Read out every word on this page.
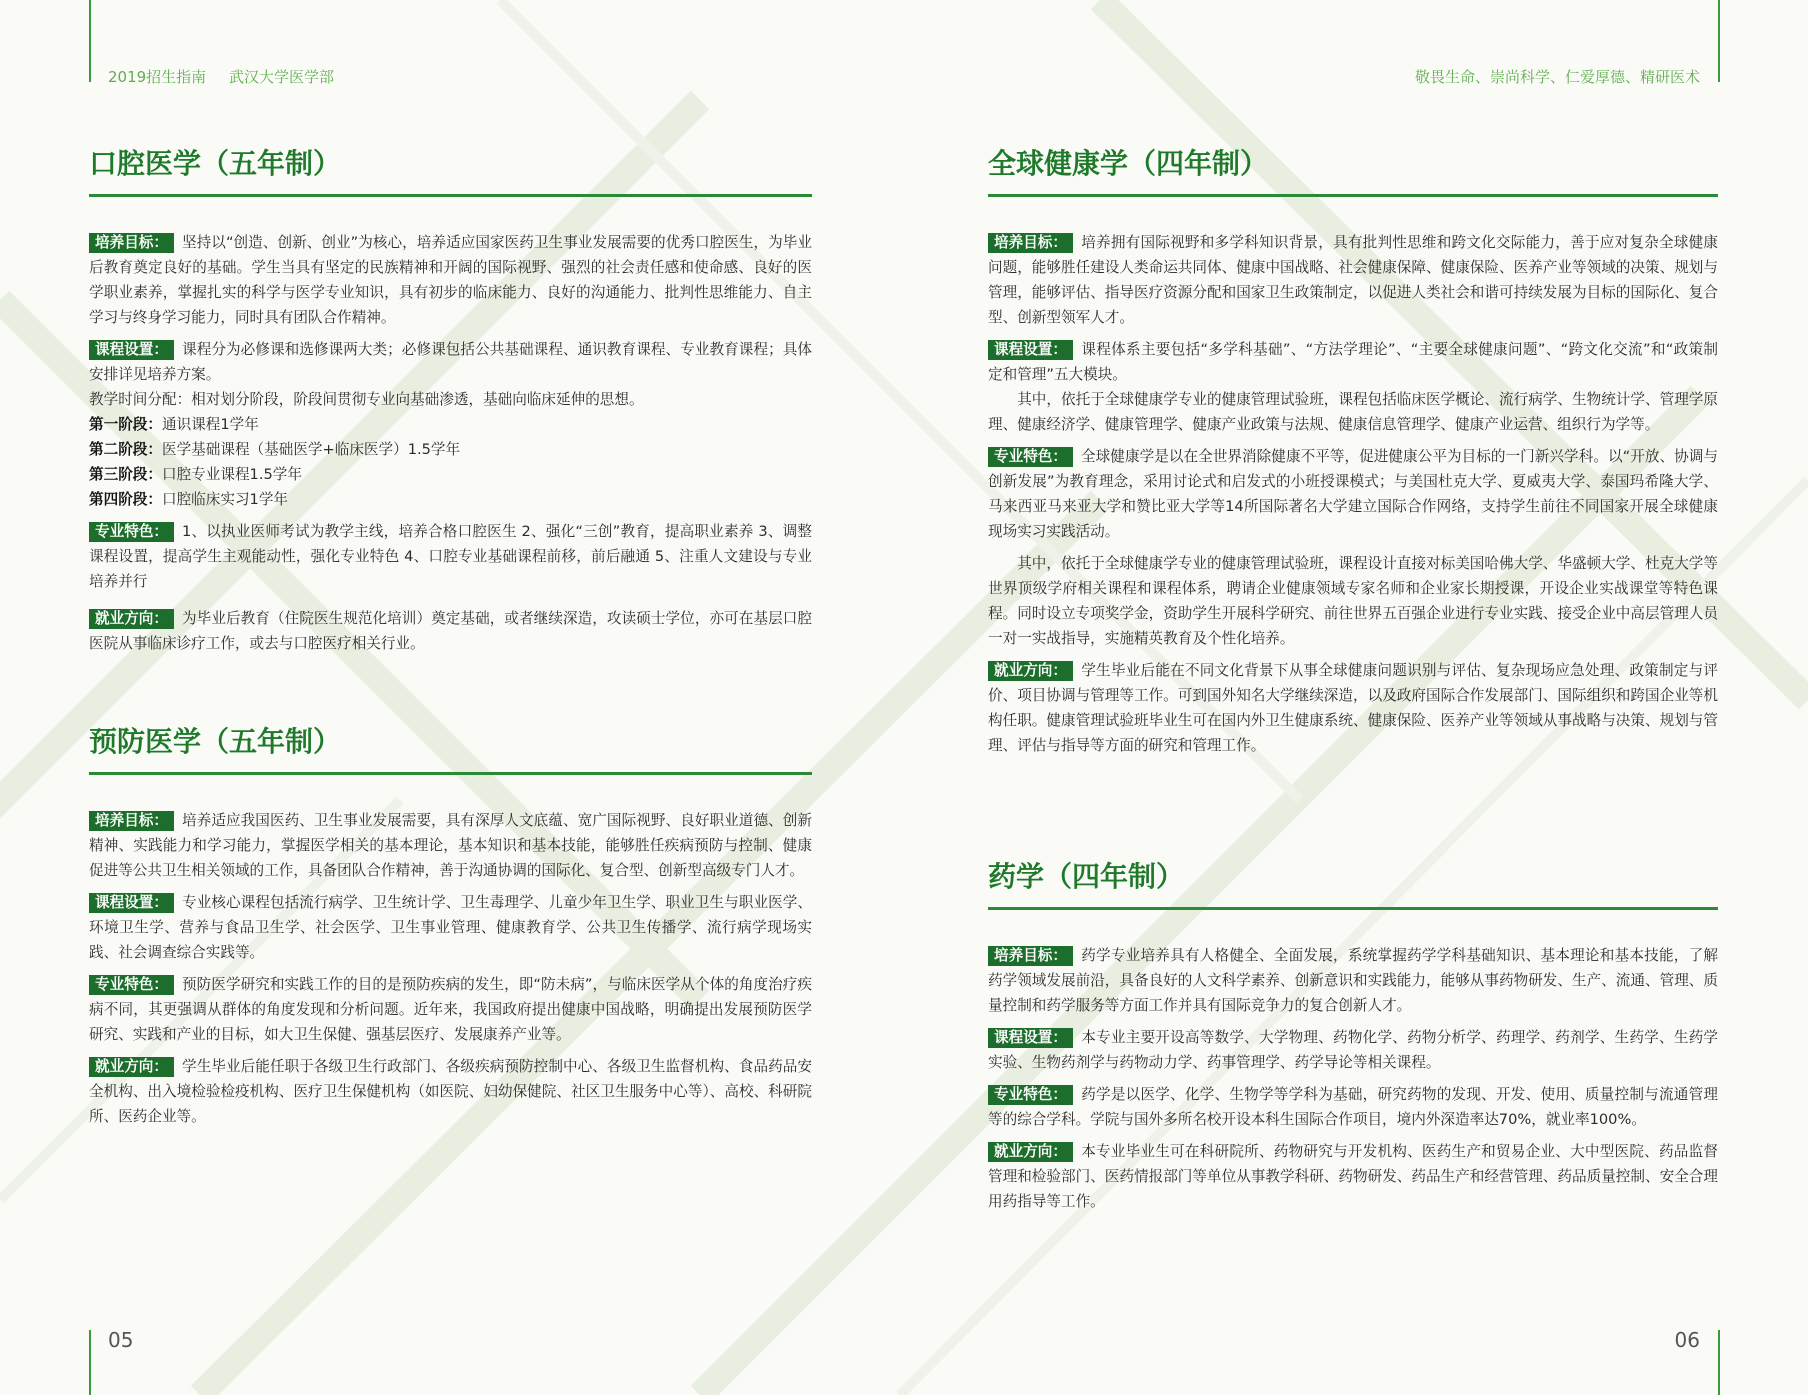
2019招生指南 武汉大学医学部	敬畏生命、崇尚科学、仁爱厚德、精研医术
05	06
口腔医学（五年制）

培养目标： 坚持以“创造、创新、创业”为核心，培养适应国家医药卫生事业发展需要的优秀口腔医生，为毕业后教育奠定良好的基础。学生当具有坚定的民族精神和开阔的国际视野、强烈的社会责任感和使命感、良好的医学职业素养，掌握扎实的科学与医学专业知识，具有初步的临床能力、良好的沟通能力、批判性思维能力、自主学习与终身学习能力，同时具有团队合作精神。

课程设置： 课程分为必修课和选修课两大类；必修课包括公共基础课程、通识教育课程、专业教育课程；具体安排详见培养方案。

教学时间分配：相对划分阶段，阶段间贯彻专业向基础渗透，基础向临床延伸的思想。

第一阶段：通识课程1学年

第二阶段：医学基础课程（基础医学+临床医学）1.5学年

第三阶段：口腔专业课程1.5学年

第四阶段：口腔临床实习1学年

专业特色： 1、以执业医师考试为教学主线，培养合格口腔医生 2、强化“三创”教育，提高职业素养 3、调整课程设置，提高学生主观能动性，强化专业特色 4、口腔专业基础课程前移，前后融通 5、注重人文建设与专业培养并行

就业方向： 为毕业后教育（住院医生规范化培训）奠定基础，或者继续深造，攻读硕士学位，亦可在基层口腔医院从事临床诊疗工作，或去与口腔医疗相关行业。

预防医学（五年制）

培养目标： 培养适应我国医药、卫生事业发展需要，具有深厚人文底蕴、宽广国际视野、良好职业道德、创新精神、实践能力和学习能力，掌握医学相关的基本理论，基本知识和基本技能，能够胜任疾病预防与控制、健康促进等公共卫生相关领域的工作，具备团队合作精神，善于沟通协调的国际化、复合型、创新型高级专门人才。

课程设置： 专业核心课程包括流行病学、卫生统计学、卫生毒理学、儿童少年卫生学、职业卫生与职业医学、环境卫生学、营养与食品卫生学、社会医学、卫生事业管理、健康教育学、公共卫生传播学、流行病学现场实践、社会调查综合实践等。

专业特色： 预防医学研究和实践工作的目的是预防疾病的发生，即“防未病”，与临床医学从个体的角度治疗疾病不同，其更强调从群体的角度发现和分析问题。近年来，我国政府提出健康中国战略，明确提出发展预防医学研究、实践和产业的目标，如大卫生保健、强基层医疗、发展康养产业等。

就业方向： 学生毕业后能任职于各级卫生行政部门、各级疾病预防控制中心、各级卫生监督机构、食品药品安全机构、出入境检验检疫机构、医疗卫生保健机构（如医院、妇幼保健院、社区卫生服务中心等）、高校、科研院所、医药企业等。

全球健康学（四年制）

培养目标： 培养拥有国际视野和多学科知识背景，具有批判性思维和跨文化交际能力，善于应对复杂全球健康问题，能够胜任建设人类命运共同体、健康中国战略、社会健康保障、健康保险、医养产业等领域的决策、规划与管理，能够评估、指导医疗资源分配和国家卫生政策制定，以促进人类社会和谐可持续发展为目标的国际化、复合型、创新型领军人才。

课程设置： 课程体系主要包括“多学科基础”、“方法学理论”、“主要全球健康问题”、“跨文化交流”和“政策制定和管理”五大模块。

其中，依托于全球健康学专业的健康管理试验班，课程包括临床医学概论、流行病学、生物统计学、管理学原理、健康经济学、健康管理学、健康产业政策与法规、健康信息管理学、健康产业运营、组织行为学等。

专业特色： 全球健康学是以在全世界消除健康不平等，促进健康公平为目标的一门新兴学科。以“开放、协调与创新发展”为教育理念，采用讨论式和启发式的小班授课模式；与美国杜克大学、夏威夷大学、泰国玛希隆大学、马来西亚马来亚大学和赞比亚大学等14所国际著名大学建立国际合作网络，支持学生前往不同国家开展全球健康现场实习实践活动。

其中，依托于全球健康学专业的健康管理试验班，课程设计直接对标美国哈佛大学、华盛顿大学、杜克大学等世界顶级学府相关课程和课程体系，聘请企业健康领域专家名师和企业家长期授课，开设企业实战课堂等特色课程。同时设立专项奖学金，资助学生开展科学研究、前往世界五百强企业进行专业实践、接受企业中高层管理人员一对一实战指导，实施精英教育及个性化培养。

就业方向： 学生毕业后能在不同文化背景下从事全球健康问题识别与评估、复杂现场应急处理、政策制定与评价、项目协调与管理等工作。可到国外知名大学继续深造，以及政府国际合作发展部门、国际组织和跨国企业等机构任职。健康管理试验班毕业生可在国内外卫生健康系统、健康保险、医养产业等领域从事战略与决策、规划与管理、评估与指导等方面的研究和管理工作。

药学（四年制）

培养目标： 药学专业培养具有人格健全、全面发展，系统掌握药学学科基础知识、基本理论和基本技能，了解药学领域发展前沿，具备良好的人文科学素养、创新意识和实践能力，能够从事药物研发、生产、流通、管理、质量控制和药学服务等方面工作并具有国际竞争力的复合创新人才。

课程设置： 本专业主要开设高等数学、大学物理、药物化学、药物分析学、药理学、药剂学、生药学、生药学实验、生物药剂学与药物动力学、药事管理学、药学导论等相关课程。

专业特色： 药学是以医学、化学、生物学等学科为基础，研究药物的发现、开发、使用、质量控制与流通管理等的综合学科。学院与国外多所名校开设本科生国际合作项目，境内外深造率达70%，就业率100%。

就业方向： 本专业毕业生可在科研院所、药物研究与开发机构、医药生产和贸易企业、大中型医院、药品监督管理和检验部门、医药情报部门等单位从事教学科研、药物研发、药品生产和经营管理、药品质量控制、安全合理用药指导等工作。
